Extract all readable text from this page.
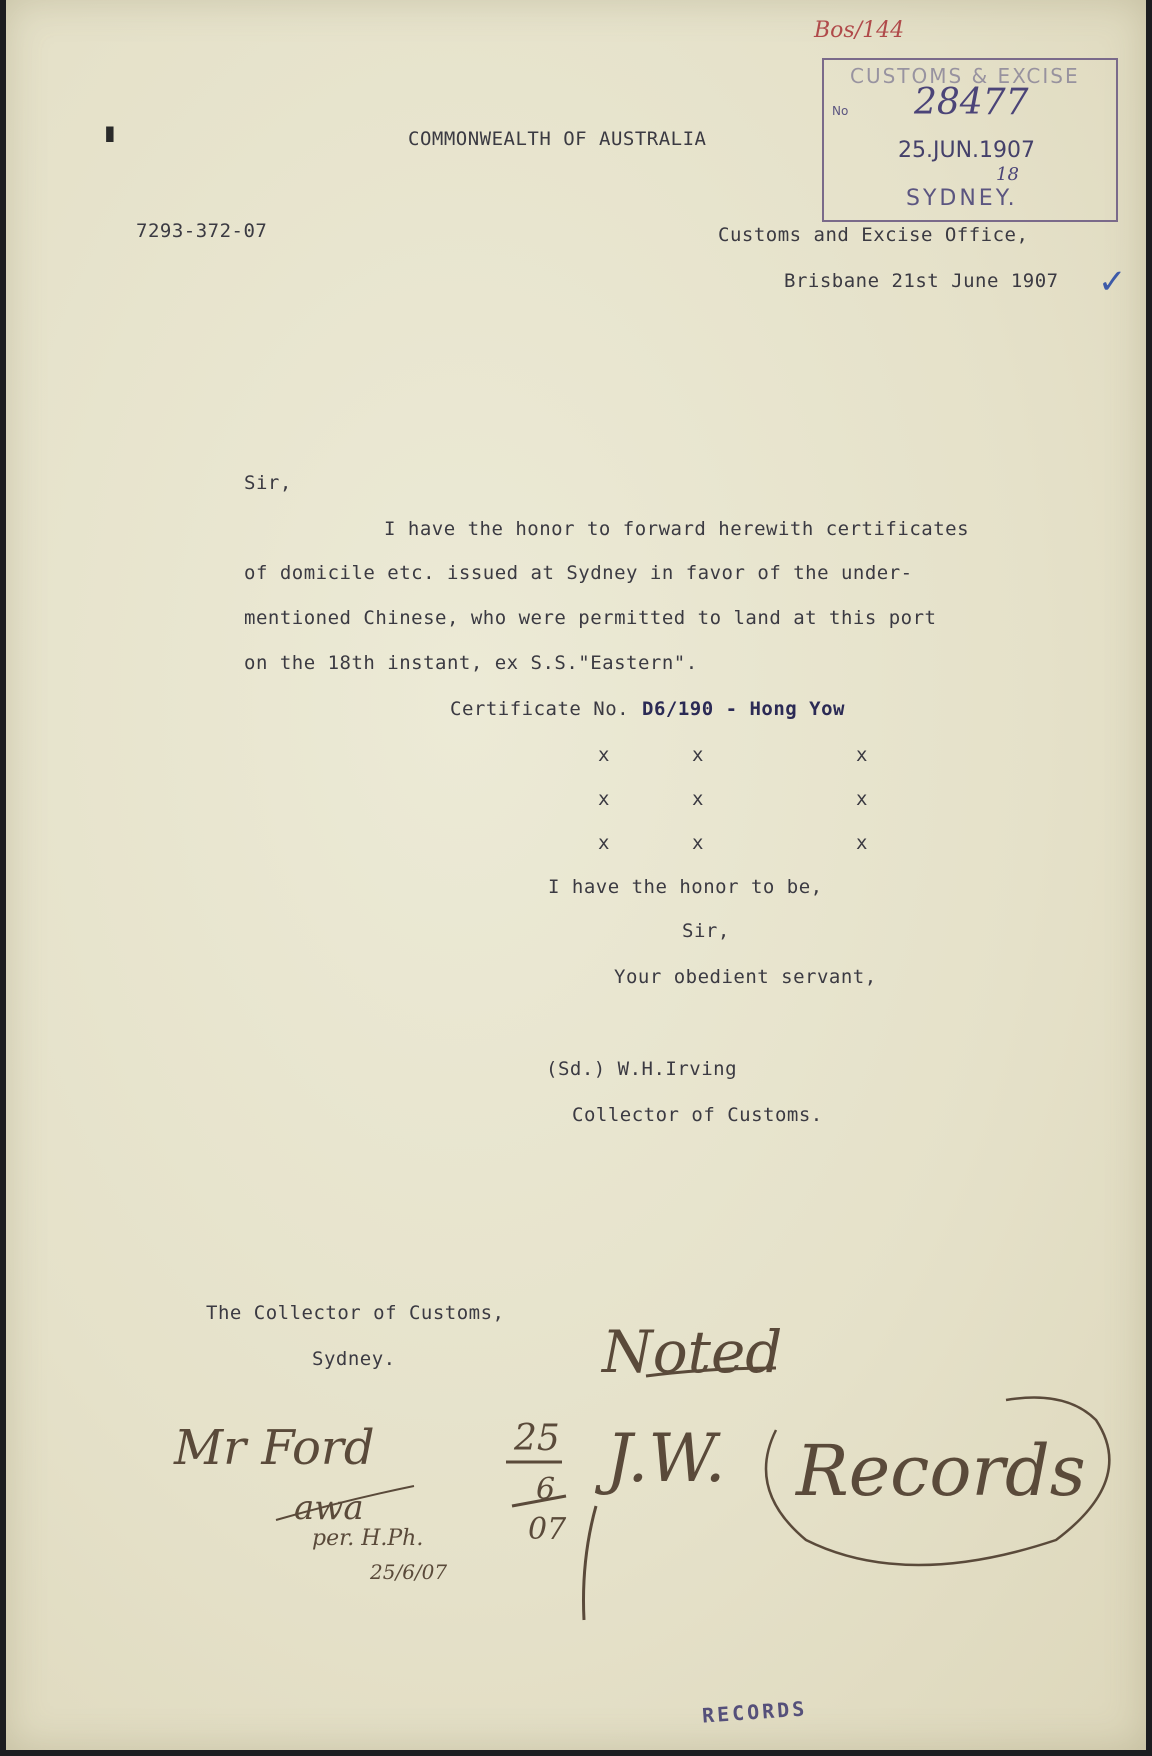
▮	COMMONWEALTH OF AUSTRALIA
7293-372-07	Customs and Excise Office,
Brisbane 21st June 1907 ✓
Bos/144
CUSTOMS & EXCISE
No 28477
25.JUN.1907
18
SYDNEY.
Sir,
I have the honor to forward herewith certificates
of domicile etc. issued at Sydney in favor of the under-
mentioned Chinese, who were permitted to land at this port
on the 18th instant, ex S.S."Eastern".
Certificate No. D6/190 - Hong Yow
x	x	x
x	x	x
x	x	x
I have the honor to be,
Sir,
Your obedient servant,
(Sd.) W.H.Irving
Collector of Customs.
The Collector of Customs,
Sydney.	Noted
Mr Ford
awa
per. H.Ph.
25/6/07
25
6
07
J.W. Records
RECORDS
